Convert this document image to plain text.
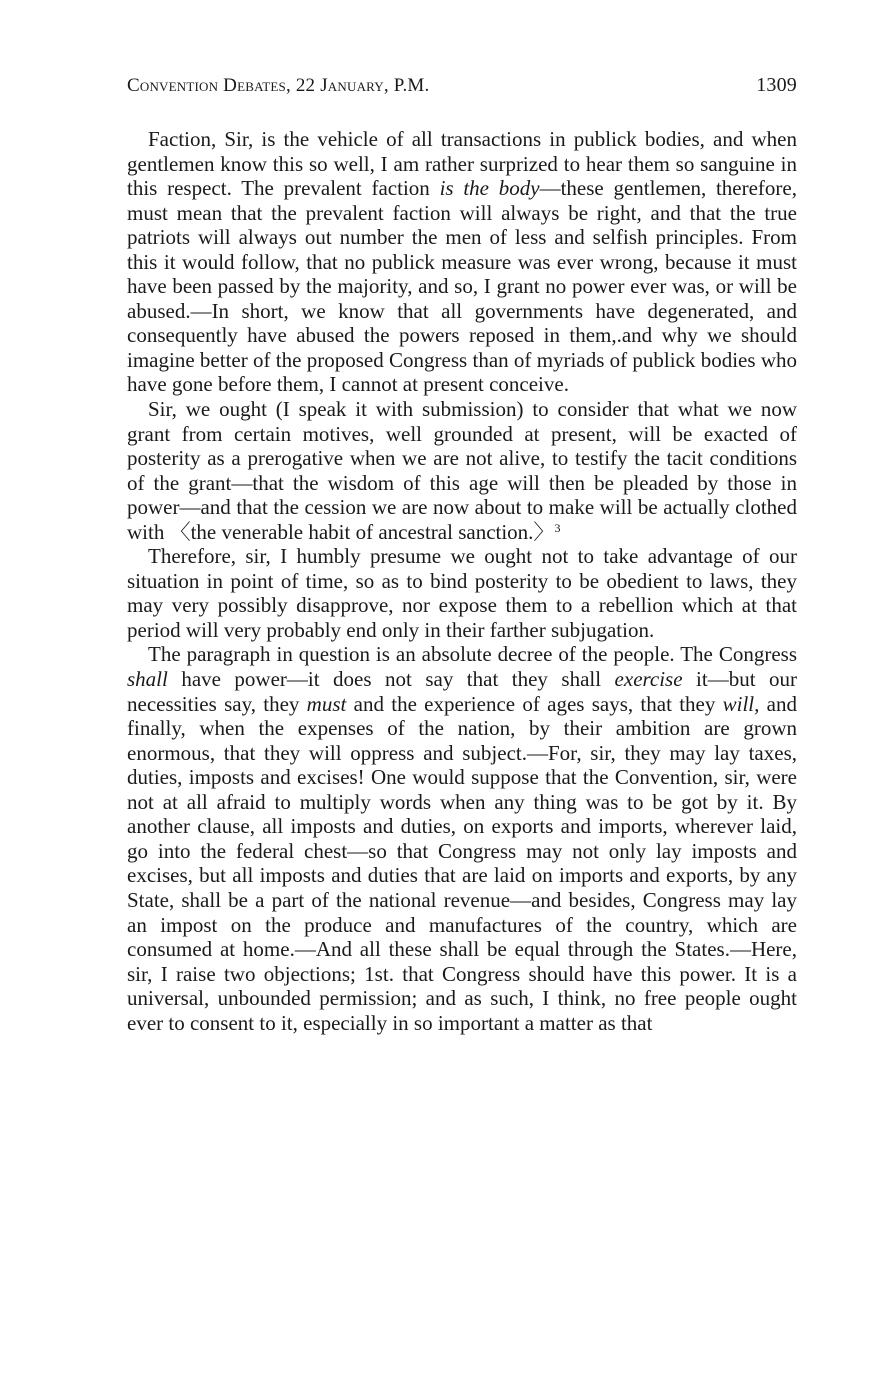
Convention Debates, 22 January, P.M.	1309

Faction, Sir, is the vehicle of all transactions in publick bodies, and when gentlemen know this so well, I am rather surprized to hear them so sanguine in this respect. The prevalent faction is the body—these gentlemen, therefore, must mean that the prevalent faction will always be right, and that the true patriots will always out number the men of less and selfish principles. From this it would follow, that no publick measure was ever wrong, because it must have been passed by the majority, and so, I grant no power ever was, or will be abused.—In short, we know that all governments have degenerated, and consequently have abused the powers reposed in them,.and why we should imagine better of the proposed Congress than of myriads of publick bodies who have gone before them, I cannot at present conceive.

Sir, we ought (I speak it with submission) to consider that what we now grant from certain motives, well grounded at present, will be exacted of posterity as a prerogative when we are not alive, to testify the tacit conditions of the grant—that the wisdom of this age will then be pleaded by those in power—and that the cession we are now about to make will be actually clothed with 〈the venerable habit of ancestral sanction.〉$^3$

Therefore, sir, I humbly presume we ought not to take advantage of our situation in point of time, so as to bind posterity to be obedient to laws, they may very possibly disapprove, nor expose them to a rebellion which at that period will very probably end only in their farther subjugation.

The paragraph in question is an absolute decree of the people. The Congress shall have power—it does not say that they shall exercise it—but our necessities say, they must and the experience of ages says, that they will, and finally, when the expenses of the nation, by their ambition are grown enormous, that they will oppress and subject.—For, sir, they may lay taxes, duties, imposts and excises! One would suppose that the Convention, sir, were not at all afraid to multiply words when any thing was to be got by it. By another clause, all imposts and duties, on exports and imports, wherever laid, go into the federal chest—so that Congress may not only lay imposts and excises, but all imposts and duties that are laid on imports and exports, by any State, shall be a part of the national revenue—and besides, Congress may lay an impost on the produce and manufactures of the country, which are consumed at home.—And all these shall be equal through the States.—Here, sir, I raise two objections; 1st. that Congress should have this power. It is a universal, unbounded permission; and as such, I think, no free people ought ever to consent to it, especially in so important a matter as that
